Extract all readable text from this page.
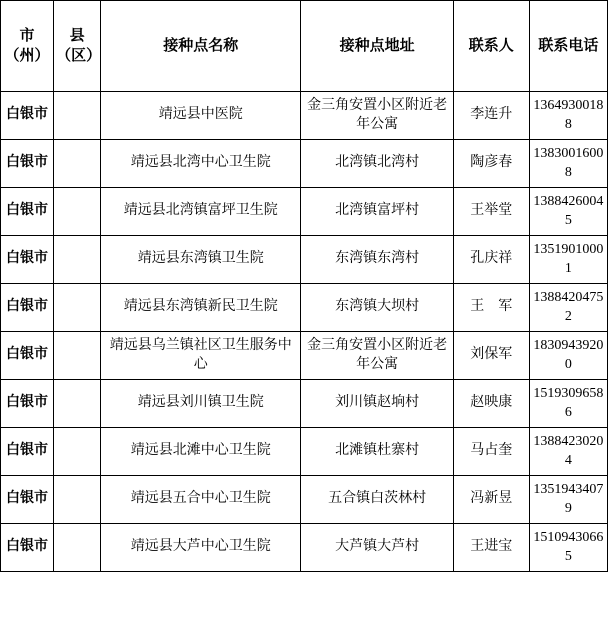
市（州）	县（区）	接种点名称	接种点地址	联系人	联系电话
白银市		靖远县中医院	金三角安置小区附近老年公寓	李连升	13649300188
白银市		靖远县北湾中心卫生院	北湾镇北湾村	陶彦春	13830016008
白银市		靖远县北湾镇富坪卫生院	北湾镇富坪村	王举堂	13884260045
白银市		靖远县东湾镇卫生院	东湾镇东湾村	孔庆祥	13519010001
白银市		靖远县东湾镇新民卫生院	东湾镇大坝村	王　军	13884204752
白银市		靖远县乌兰镇社区卫生服务中心	金三角安置小区附近老年公寓	刘保军	18309439200
白银市		靖远县刘川镇卫生院	刘川镇赵垧村	赵映康	15193096586
白银市		靖远县北滩中心卫生院	北滩镇杜寨村	马占奎	13884230204
白银市		靖远县五合中心卫生院	五合镇白茨林村	冯新昱	13519434079
白银市		靖远县大芦中心卫生院	大芦镇大芦村	王进宝	15109430665
